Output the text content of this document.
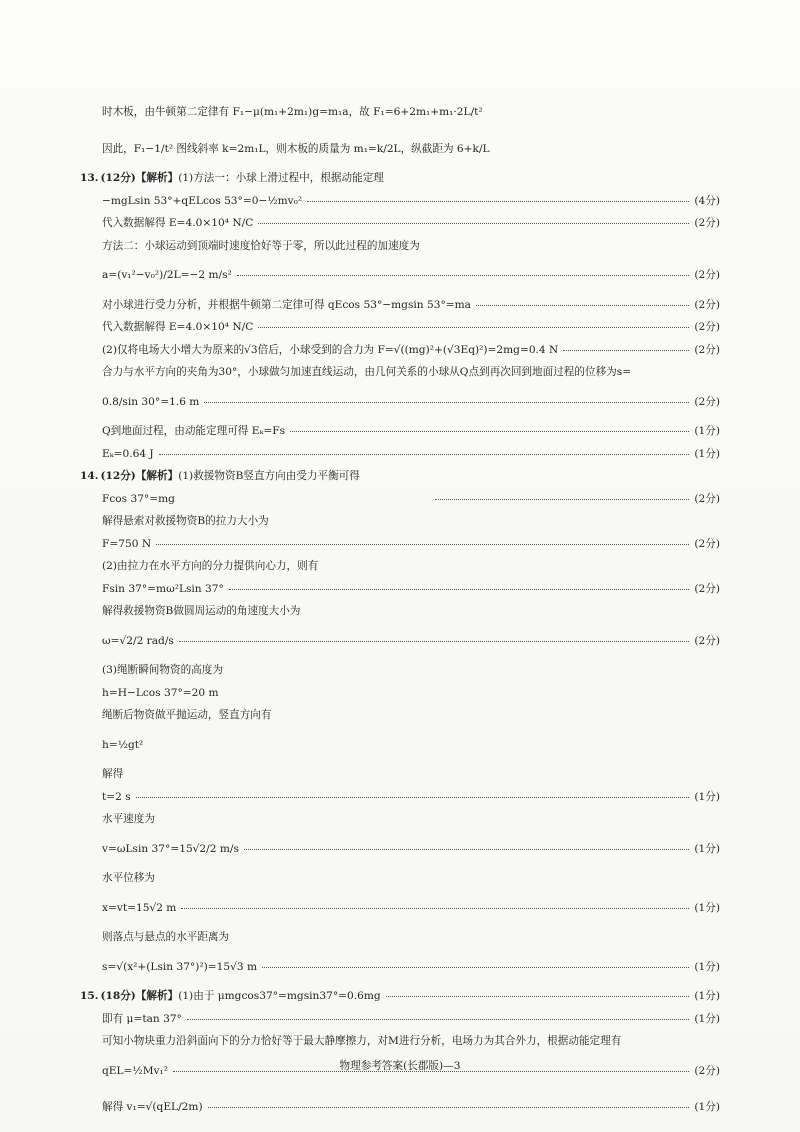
时木板，由牛顿第二定律有 F₁−μ(m₁+2m₁)g=m₁a，故 F₁=6+2m₁+m₁·2L/t²
因此，F₁−1/t² 图线斜率 k=2m₁L，则木板的质量为 m₁=k/2L，纵截距为 6+k/L
13. (12分)【解析】 (1)方法一：小球上滑过程中，根据动能定理
−mgLsin 53°+qELcos 53°=0−½mv₀²	(4分)
代入数据解得 E=4.0×10⁴ N/C	(2分)
方法二：小球运动到顶端时速度恰好等于零，所以此过程的加速度为
a=(v₁²−v₀²)/2L=−2 m/s²	(2分)
对小球进行受力分析，并根据牛顿第二定律可得 qEcos 53°−mgsin 53°=ma	(2分)
代入数据解得 E=4.0×10⁴ N/C	(2分)
(2)仅将电场大小增大为原来的√3倍后，小球受到的合力为 F=√((mg)²+(√3Eq)²)=2mg=0.4 N	(2分)
合力与水平方向的夹角为30°，小球做匀加速直线运动，由几何关系的小球从Q点到再次回到地面过程的位移为s=
0.8/sin 30°=1.6 m	(2分)
Q到地面过程，由动能定理可得 Eₖ=Fs	(1分)
Eₖ=0.64 J	(1分)
14. (12分)【解析】 (1)救援物资B竖直方向由受力平衡可得
Fcos 37°=mg	(2分)
解得悬索对救援物资B的拉力大小为
F=750 N	(2分)
(2)由拉力在水平方向的分力提供向心力，则有
Fsin 37°=mω²Lsin 37°	(2分)
解得救援物资B做圆周运动的角速度大小为
ω=√2/2 rad/s	(2分)
(3)绳断瞬间物资的高度为
h=H−Lcos 37°=20 m
绳断后物资做平抛运动，竖直方向有
h=½gt²
解得
t=2 s	(1分)
水平速度为
v=ωLsin 37°=15√2/2 m/s	(1分)
水平位移为
x=vt=15√2 m	(1分)
则落点与悬点的水平距离为
s=√(x²+(Lsin 37°)²)=15√3 m	(1分)
15. (18分)【解析】 (1)由于 μmgcos37°=mgsin37°=0.6mg	(1分)
即有 μ=tan 37°	(1分)
可知小物块重力沿斜面向下的分力恰好等于最大静摩擦力，对M进行分析，电场力为其合外力，根据动能定理有
qEL=½Mv₁²	(2分)
解得 v₁=√(qEL/2m)	(1分)
物理参考答案(长郡版)—3
